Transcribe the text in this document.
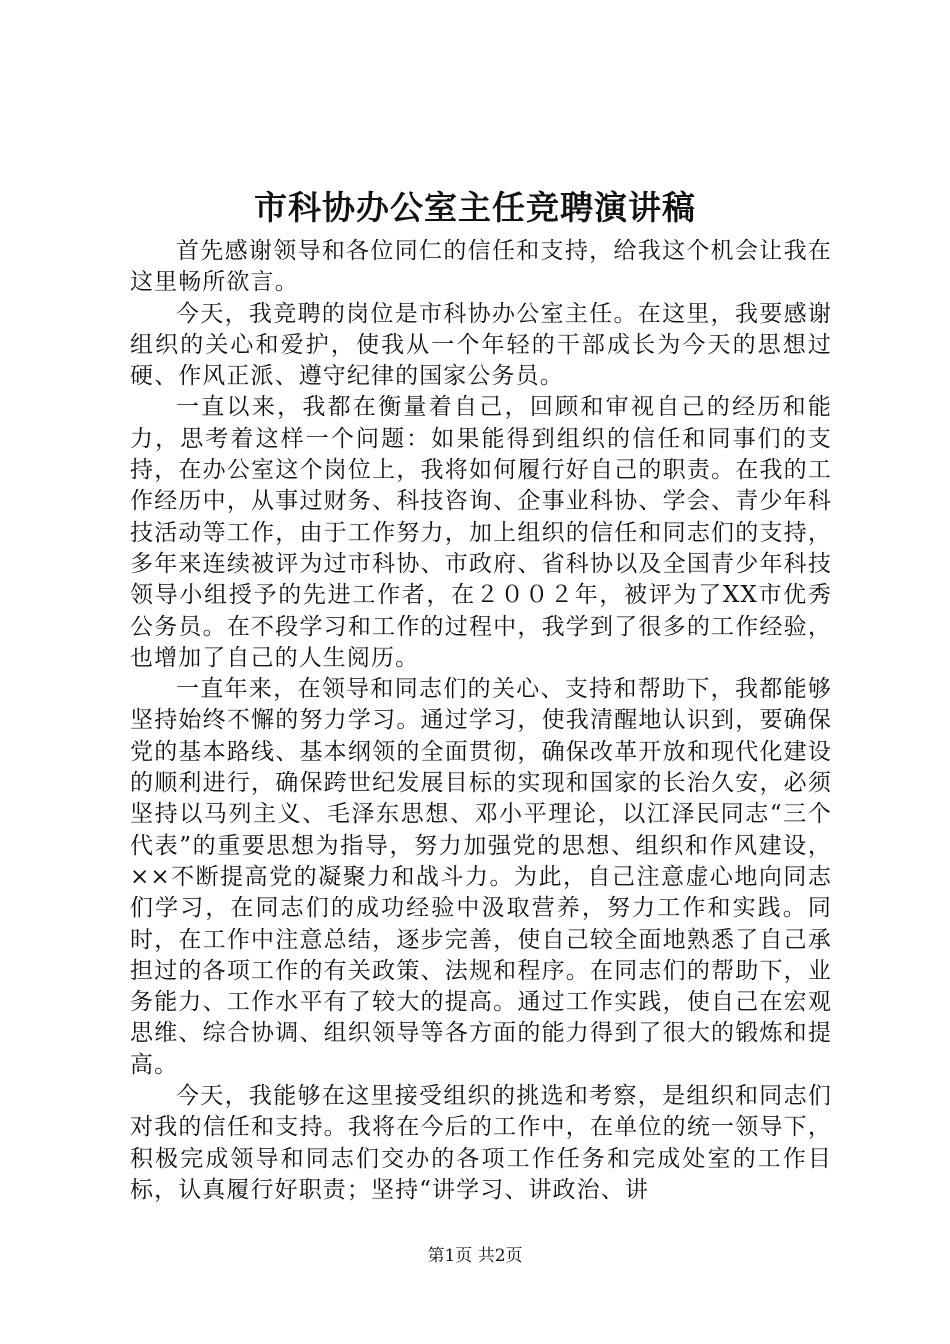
市科协办公室主任竞聘演讲稿

首先感谢领导和各位同仁的信任和支持，给我这个机会让我在这里畅所欲言。

今天，我竞聘的岗位是市科协办公室主任。在这里，我要感谢组织的关心和爱护，使我从一个年轻的干部成长为今天的思想过硬、作风正派、遵守纪律的国家公务员。

一直以来，我都在衡量着自己，回顾和审视自己的经历和能力，思考着这样一个问题：如果能得到组织的信任和同事们的支持，在办公室这个岗位上，我将如何履行好自己的职责。在我的工作经历中，从事过财务、科技咨询、企事业科协、学会、青少年科技活动等工作，由于工作努力，加上组织的信任和同志们的支持，多年来连续被评为过市科协、市政府、省科协以及全国青少年科技领导小组授予的先进工作者，在２００２年，被评为了XX市优秀公务员。在不段学习和工作的过程中，我学到了很多的工作经验，也增加了自己的人生阅历。

一直年来，在领导和同志们的关心、支持和帮助下，我都能够坚持始终不懈的努力学习。通过学习，使我清醒地认识到，要确保党的基本路线、基本纲领的全面贯彻，确保改革开放和现代化建设的顺利进行，确保跨世纪发展目标的实现和国家的长治久安，必须坚持以马列主义、毛泽东思想、邓小平理论，以江泽民同志“三个代表”的重要思想为指导，努力加强党的思想、组织和作风建设，××不断提高党的凝聚力和战斗力。为此，自己注意虚心地向同志们学习，在同志们的成功经验中汲取营养，努力工作和实践。同时，在工作中注意总结，逐步完善，使自己较全面地熟悉了自己承担过的各项工作的有关政策、法规和程序。在同志们的帮助下，业务能力、工作水平有了较大的提高。通过工作实践，使自己在宏观思维、综合协调、组织领导等各方面的能力得到了很大的锻炼和提高。

今天，我能够在这里接受组织的挑选和考察，是组织和同志们对我的信任和支持。我将在今后的工作中，在单位的统一领导下，积极完成领导和同志们交办的各项工作任务和完成处室的工作目标，认真履行好职责；坚持“讲学习、讲政治、讲

第1页 共2页
